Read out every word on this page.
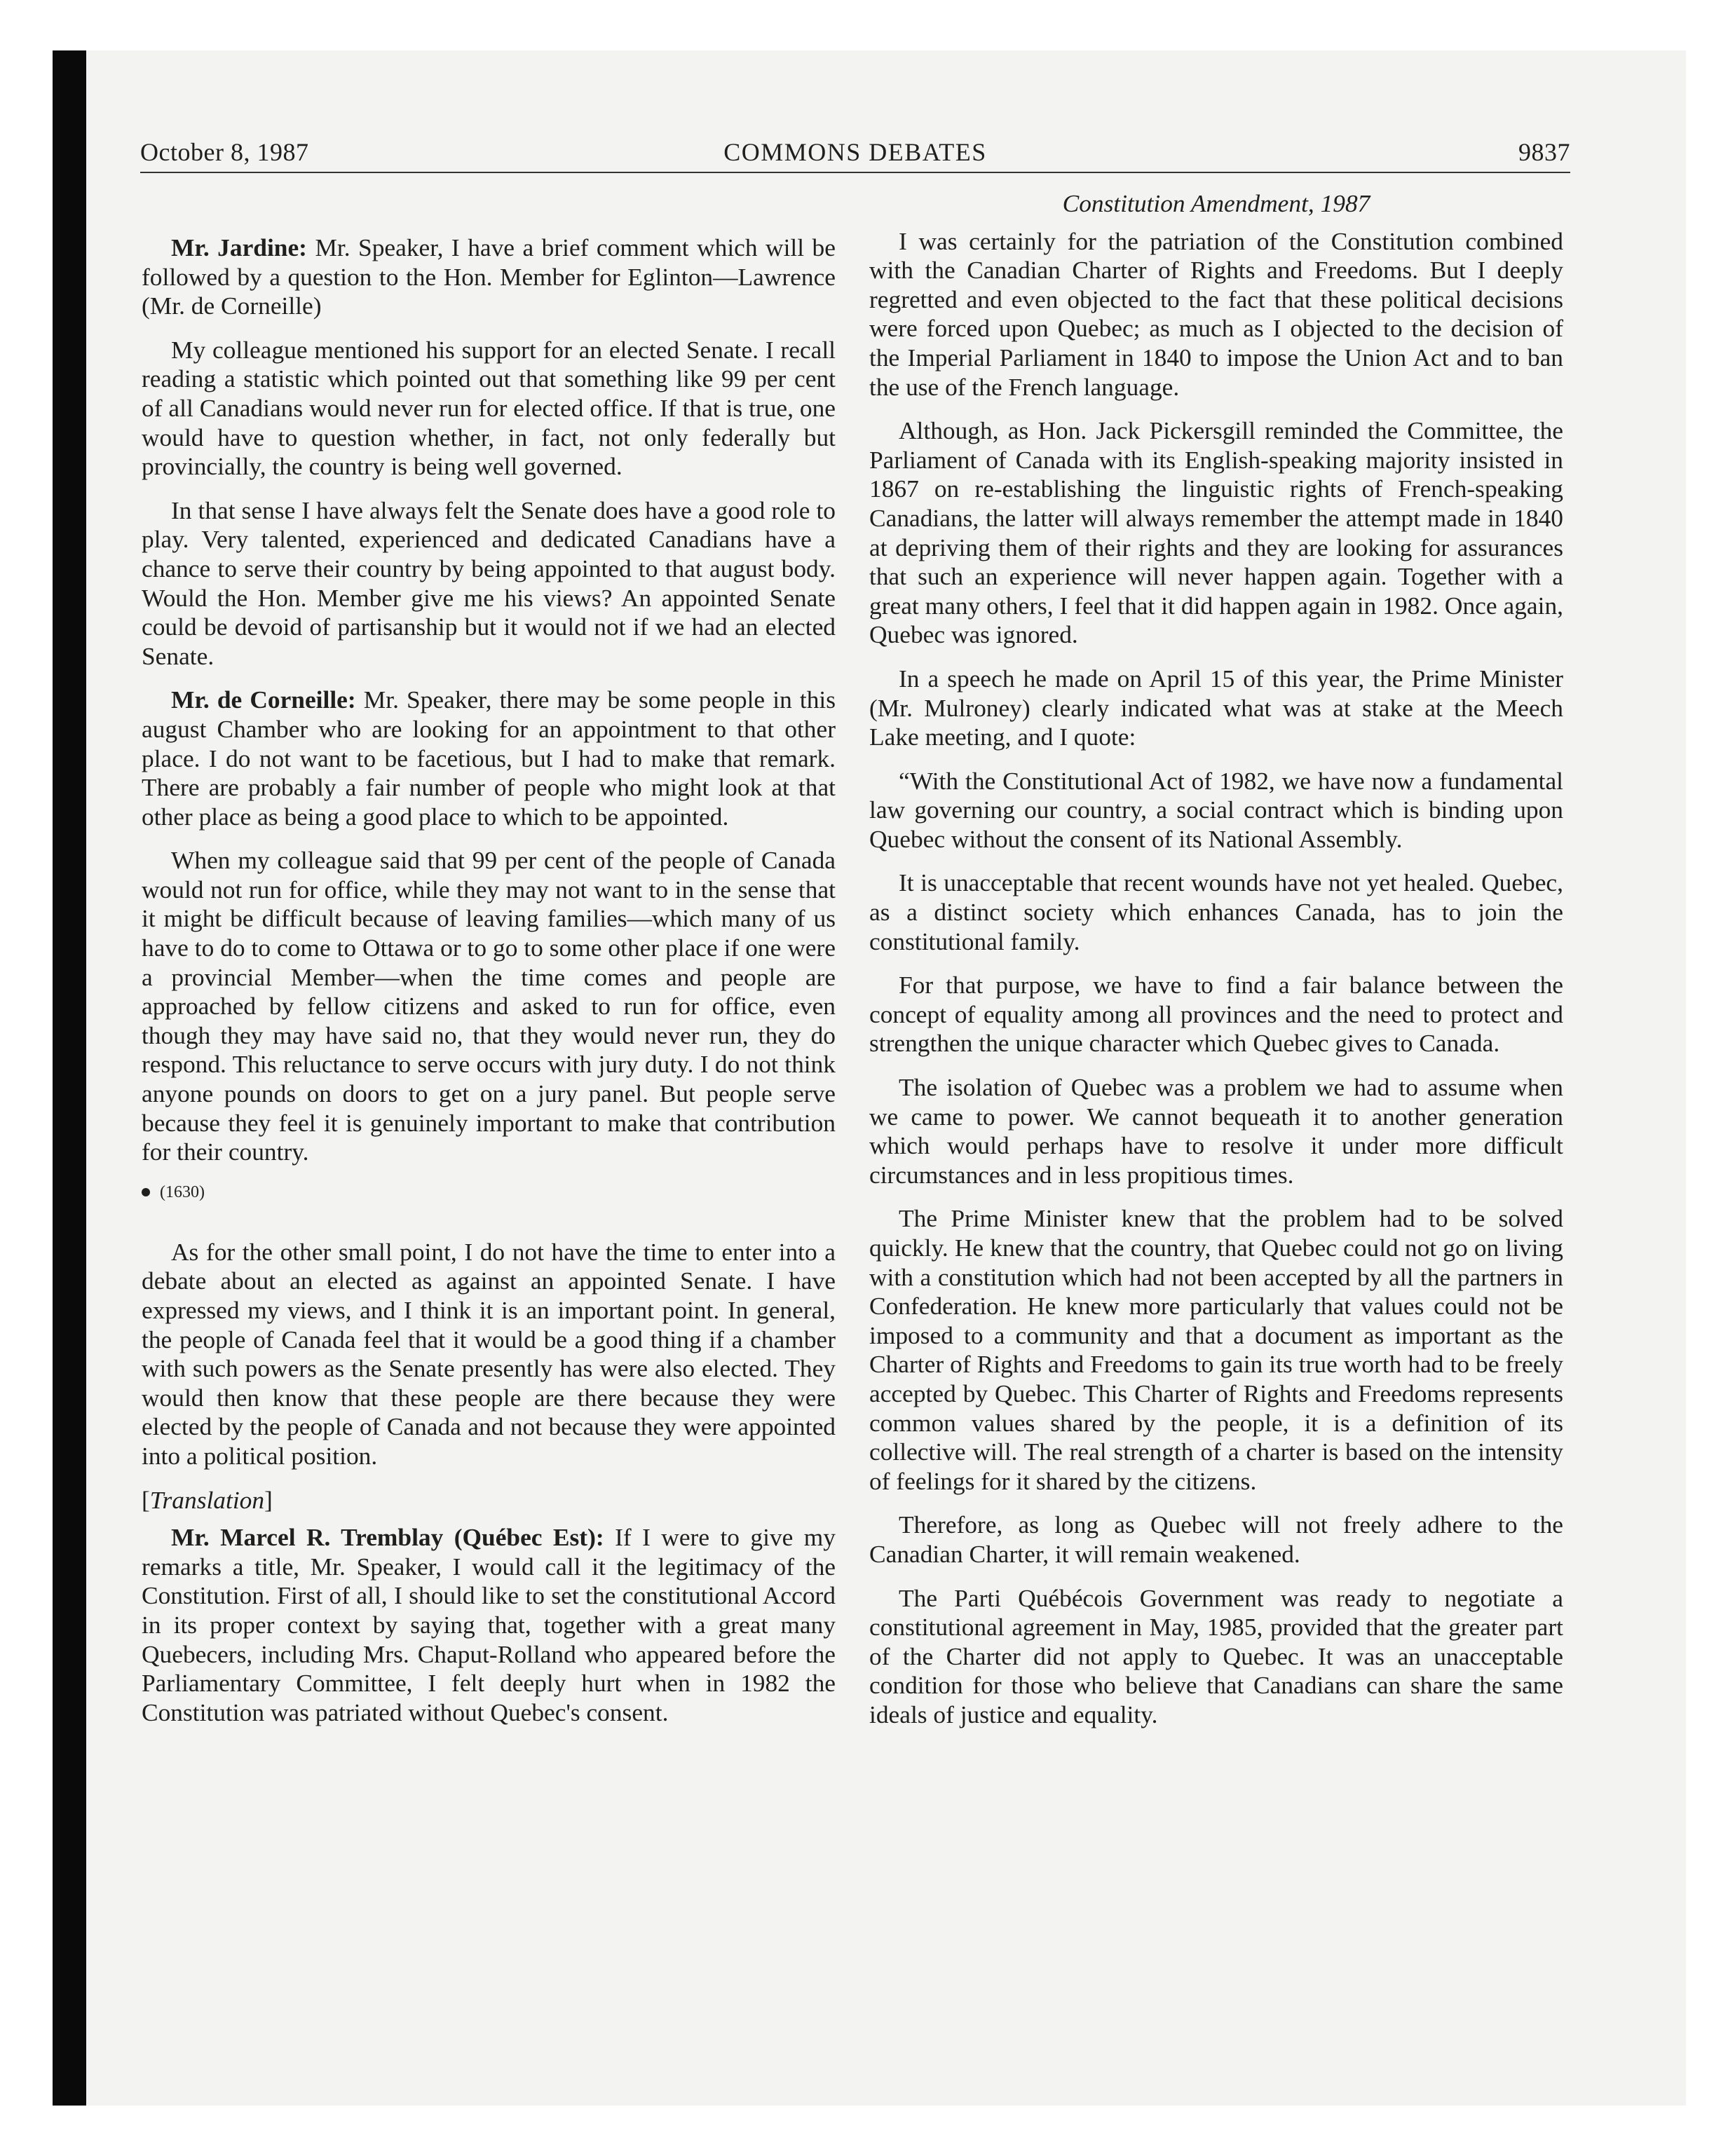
October 8, 1987	COMMONS DEBATES	9837

Mr. Jardine: Mr. Speaker, I have a brief comment which will be followed by a question to the Hon. Member for Eglinton—Lawrence (Mr. de Corneille)

My colleague mentioned his support for an elected Senate. I recall reading a statistic which pointed out that something like 99 per cent of all Canadians would never run for elected office. If that is true, one would have to question whether, in fact, not only federally but provincially, the country is being well governed.

In that sense I have always felt the Senate does have a good role to play. Very talented, experienced and dedicated Canadians have a chance to serve their country by being appointed to that august body. Would the Hon. Member give me his views? An appointed Senate could be devoid of partisanship but it would not if we had an elected Senate.

Mr. de Corneille: Mr. Speaker, there may be some people in this august Chamber who are looking for an appointment to that other place. I do not want to be facetious, but I had to make that remark. There are probably a fair number of people who might look at that other place as being a good place to which to be appointed.

When my colleague said that 99 per cent of the people of Canada would not run for office, while they may not want to in the sense that it might be difficult because of leaving families—which many of us have to do to come to Ottawa or to go to some other place if one were a provincial Member—when the time comes and people are approached by fellow citizens and asked to run for office, even though they may have said no, that they would never run, they do respond. This reluctance to serve occurs with jury duty. I do not think anyone pounds on doors to get on a jury panel. But people serve because they feel it is genuinely important to make that contribution for their country.

(1630)

As for the other small point, I do not have the time to enter into a debate about an elected as against an appointed Senate. I have expressed my views, and I think it is an important point. In general, the people of Canada feel that it would be a good thing if a chamber with such powers as the Senate presently has were also elected. They would then know that these people are there because they were elected by the people of Canada and not because they were appointed into a political position.

[Translation]

Mr. Marcel R. Tremblay (Québec Est): If I were to give my remarks a title, Mr. Speaker, I would call it the legitimacy of the Constitution. First of all, I should like to set the constitutional Accord in its proper context by saying that, together with a great many Quebecers, including Mrs. Chaput-Rolland who appeared before the Parliamentary Committee, I felt deeply hurt when in 1982 the Constitution was patriated without Quebec's consent.

Constitution Amendment, 1987

I was certainly for the patriation of the Constitution combined with the Canadian Charter of Rights and Freedoms. But I deeply regretted and even objected to the fact that these political decisions were forced upon Quebec; as much as I objected to the decision of the Imperial Parliament in 1840 to impose the Union Act and to ban the use of the French language.

Although, as Hon. Jack Pickersgill reminded the Committee, the Parliament of Canada with its English-speaking majority insisted in 1867 on re-establishing the linguistic rights of French-speaking Canadians, the latter will always remember the attempt made in 1840 at depriving them of their rights and they are looking for assurances that such an experience will never happen again. Together with a great many others, I feel that it did happen again in 1982. Once again, Quebec was ignored.

In a speech he made on April 15 of this year, the Prime Minister (Mr. Mulroney) clearly indicated what was at stake at the Meech Lake meeting, and I quote:

“With the Constitutional Act of 1982, we have now a fundamental law governing our country, a social contract which is binding upon Quebec without the consent of its National Assembly.

It is unacceptable that recent wounds have not yet healed. Quebec, as a distinct society which enhances Canada, has to join the constitutional family.

For that purpose, we have to find a fair balance between the concept of equality among all provinces and the need to protect and strengthen the unique character which Quebec gives to Canada.

The isolation of Quebec was a problem we had to assume when we came to power. We cannot bequeath it to another generation which would perhaps have to resolve it under more difficult circumstances and in less propitious times.

The Prime Minister knew that the problem had to be solved quickly. He knew that the country, that Quebec could not go on living with a constitution which had not been accepted by all the partners in Confederation. He knew more particularly that values could not be imposed to a community and that a document as important as the Charter of Rights and Freedoms to gain its true worth had to be freely accepted by Quebec. This Charter of Rights and Freedoms represents common values shared by the people, it is a definition of its collective will. The real strength of a charter is based on the intensity of feelings for it shared by the citizens.

Therefore, as long as Quebec will not freely adhere to the Canadian Charter, it will remain weakened.

The Parti Québécois Government was ready to negotiate a constitutional agreement in May, 1985, provided that the greater part of the Charter did not apply to Quebec. It was an unacceptable condition for those who believe that Canadians can share the same ideals of justice and equality.
